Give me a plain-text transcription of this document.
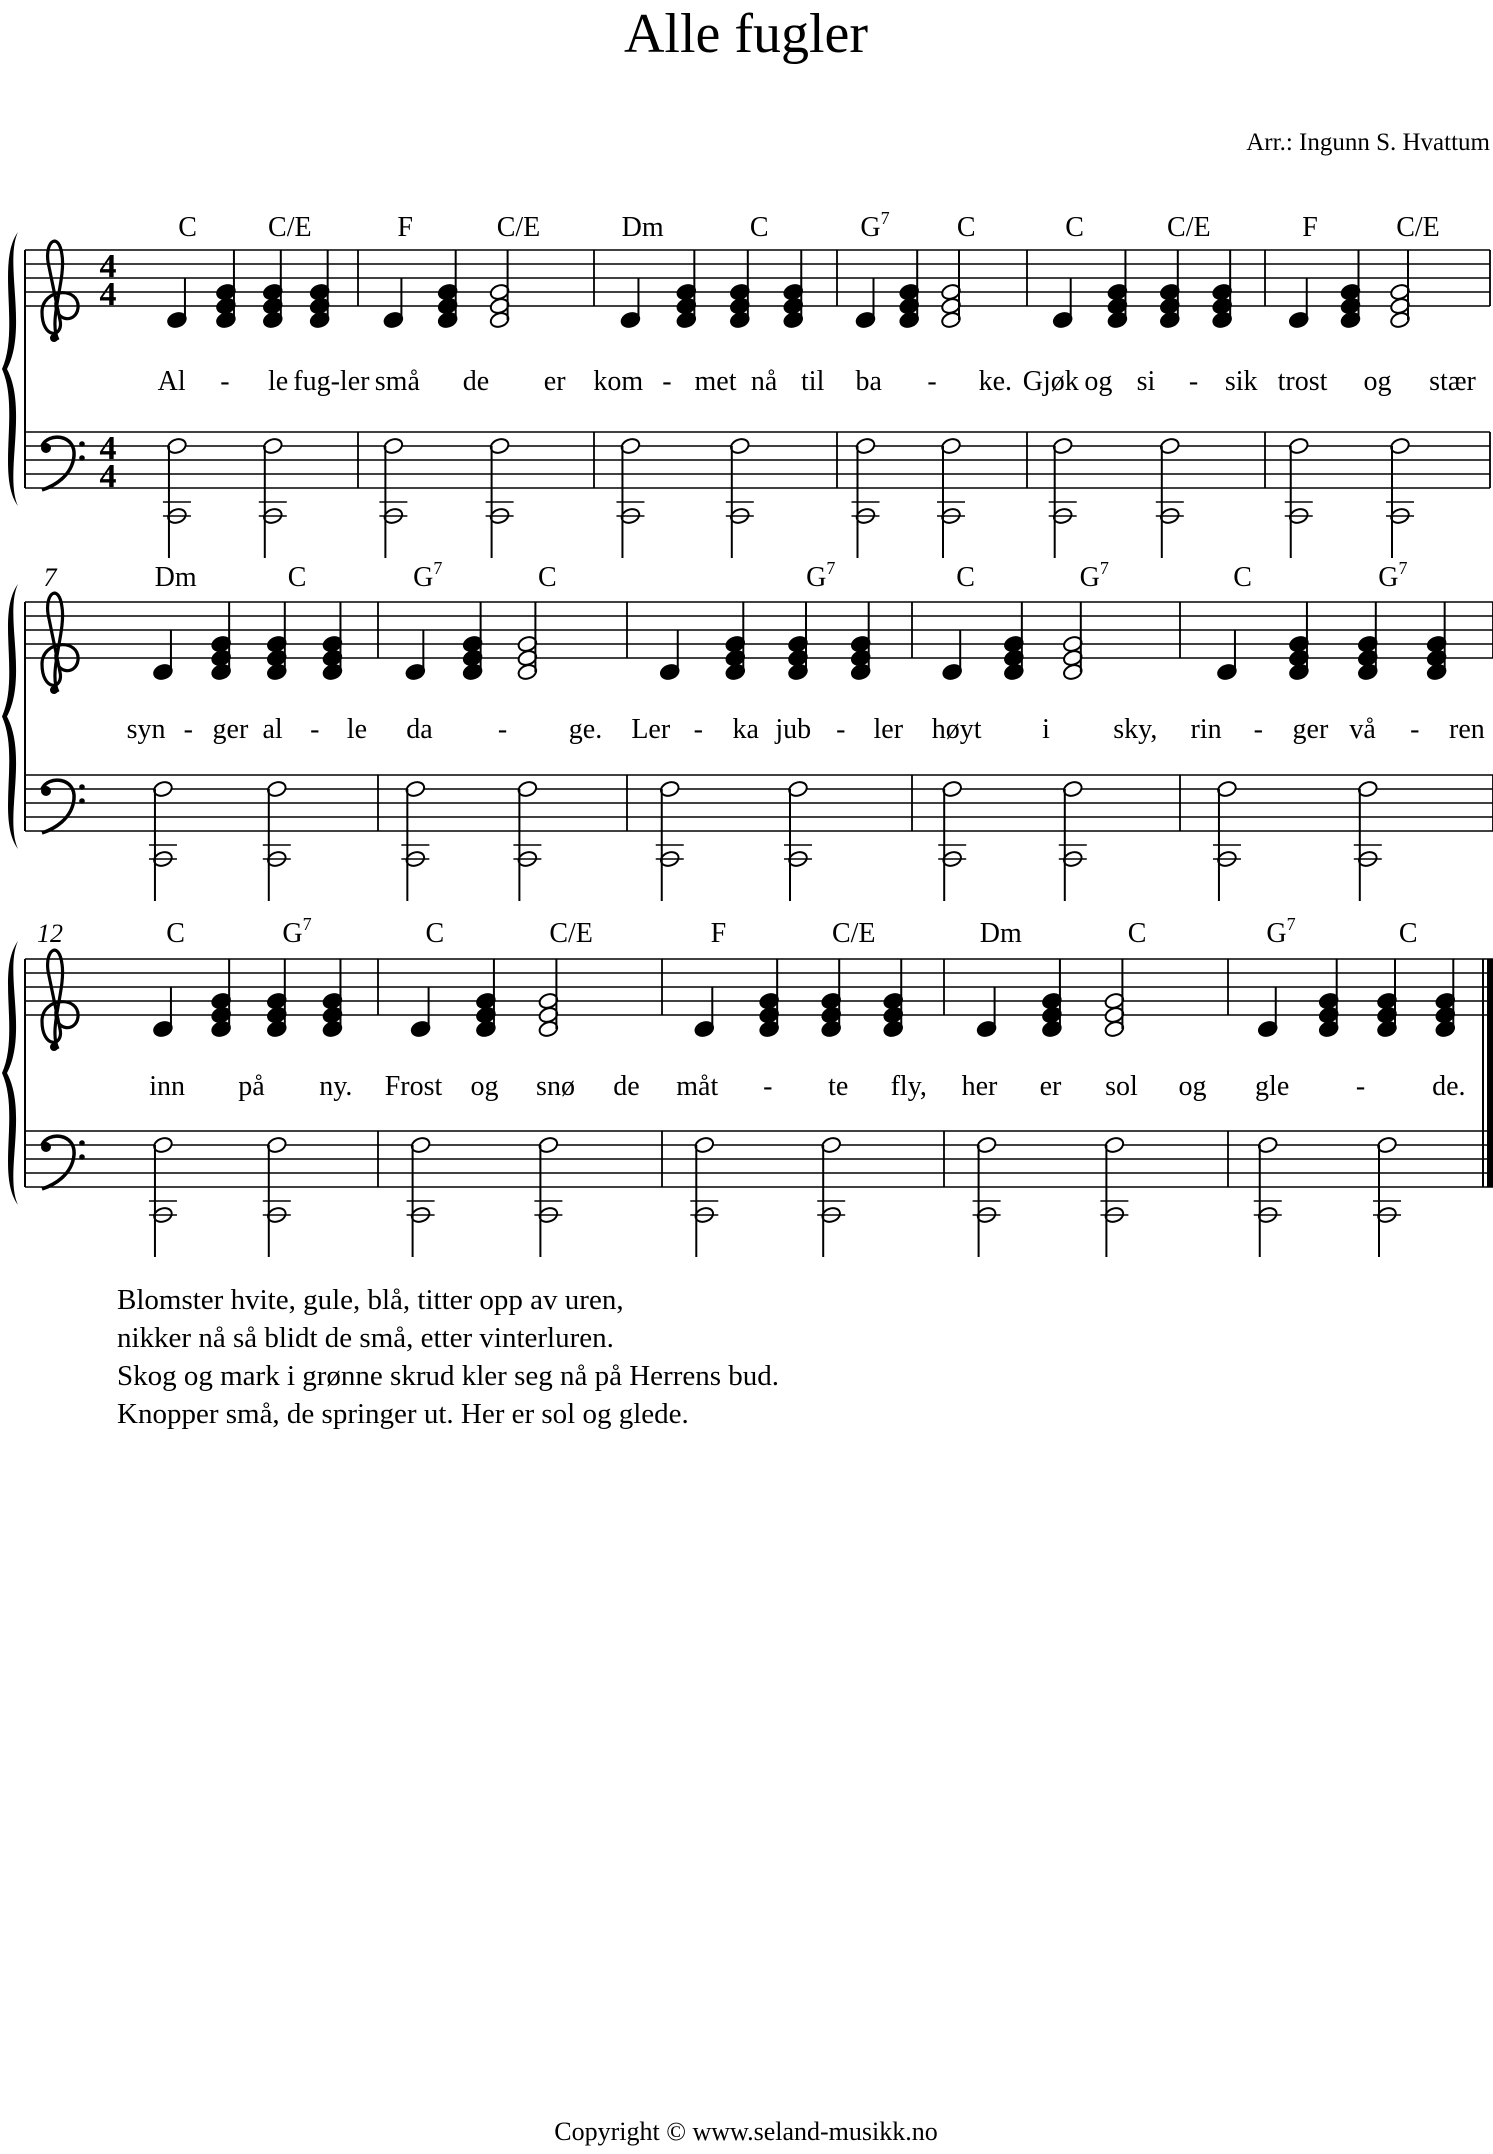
Alle fugler
Arr.: Ingunn S. Hvattum
4
4
4
4
C	C/E
Al - le fug-ler
F	C/E
små de er
Dm	C
kom - met nå til
$G^7$ C
ba - ke.
C	C/E
Gjøk og si - sik
F	C/E
trost og stær
7	Dm	C
syn - ger al - le
$G^7$	C
da - ge.
$G^7$
Ler - ka jub - ler
C	$G^7$
høyt i sky,
C	$G^7$
rin - ger vå - ren
12	C	$G^7$
inn på ny.
C	C/E
Frost og snø de
F	C/E
måt - te fly,
Dm	C
her er sol og
$G^7$	C
gle - de.
Blomster hvite, gule, blå, titter opp av uren,
nikker nå så blidt de små, etter vinterluren.
Skog og mark i grønne skrud kler seg nå på Herrens bud.
Knopper små, de springer ut. Her er sol og glede.
Copyright © www.seland-musikk.no
